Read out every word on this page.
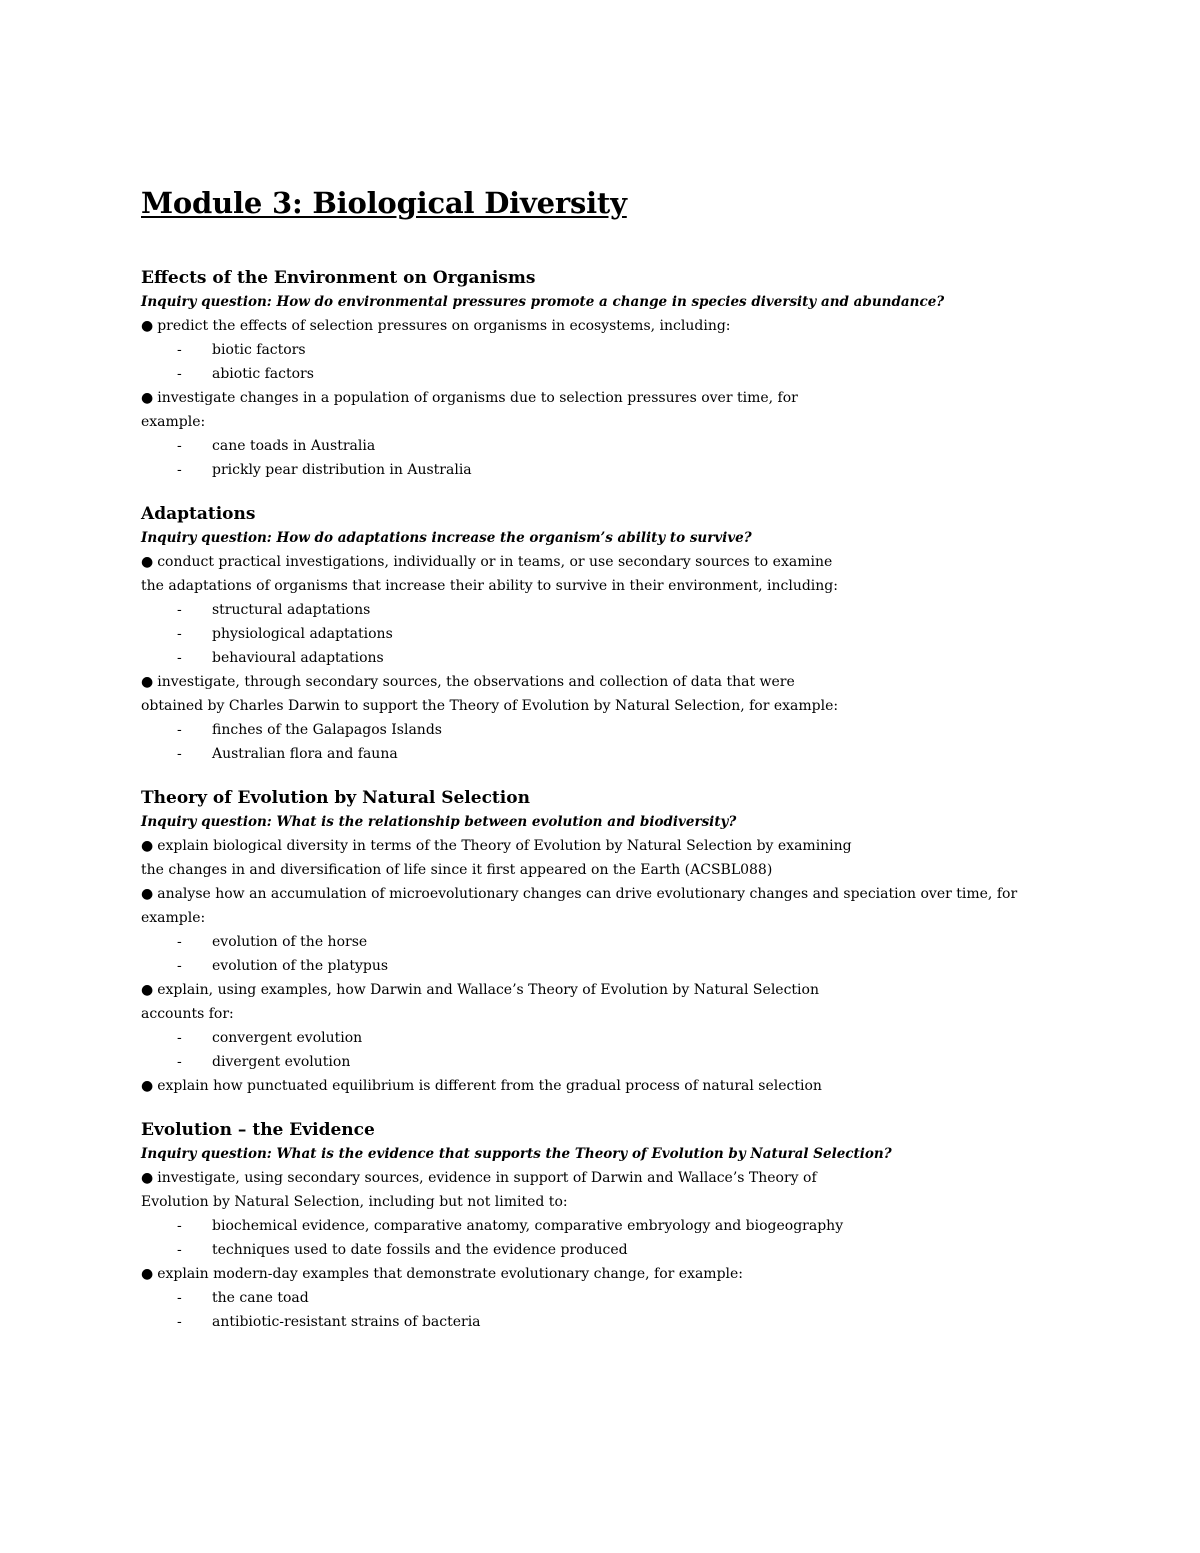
Module 3: Biological Diversity
Effects of the Environment on Organisms

Inquiry question: How do environmental pressures promote a change in species diversity and abundance?

● predict the effects of selection pressures on organisms in ecosystems, including:

- biotic factors

- abiotic factors

● investigate changes in a population of organisms due to selection pressures over time, for

example:

- cane toads in Australia

- prickly pear distribution in Australia

Adaptations

Inquiry question: How do adaptations increase the organism’s ability to survive?

● conduct practical investigations, individually or in teams, or use secondary sources to examine

the adaptations of organisms that increase their ability to survive in their environment, including:

- structural adaptations

- physiological adaptations

- behavioural adaptations

● investigate, through secondary sources, the observations and collection of data that were

obtained by Charles Darwin to support the Theory of Evolution by Natural Selection, for example:

- finches of the Galapagos Islands

- Australian flora and fauna

Theory of Evolution by Natural Selection

Inquiry question: What is the relationship between evolution and biodiversity?

● explain biological diversity in terms of the Theory of Evolution by Natural Selection by examining

the changes in and diversification of life since it first appeared on the Earth (ACSBL088)

● analyse how an accumulation of microevolutionary changes can drive evolutionary changes and speciation over time, for

example:

- evolution of the horse

- evolution of the platypus

● explain, using examples, how Darwin and Wallace’s Theory of Evolution by Natural Selection

accounts for:

- convergent evolution

- divergent evolution

● explain how punctuated equilibrium is different from the gradual process of natural selection

Evolution – the Evidence

Inquiry question: What is the evidence that supports the Theory of Evolution by Natural Selection?

● investigate, using secondary sources, evidence in support of Darwin and Wallace’s Theory of

Evolution by Natural Selection, including but not limited to:

- biochemical evidence, comparative anatomy, comparative embryology and biogeography

- techniques used to date fossils and the evidence produced

● explain modern-day examples that demonstrate evolutionary change, for example:

- the cane toad

- antibiotic-resistant strains of bacteria
